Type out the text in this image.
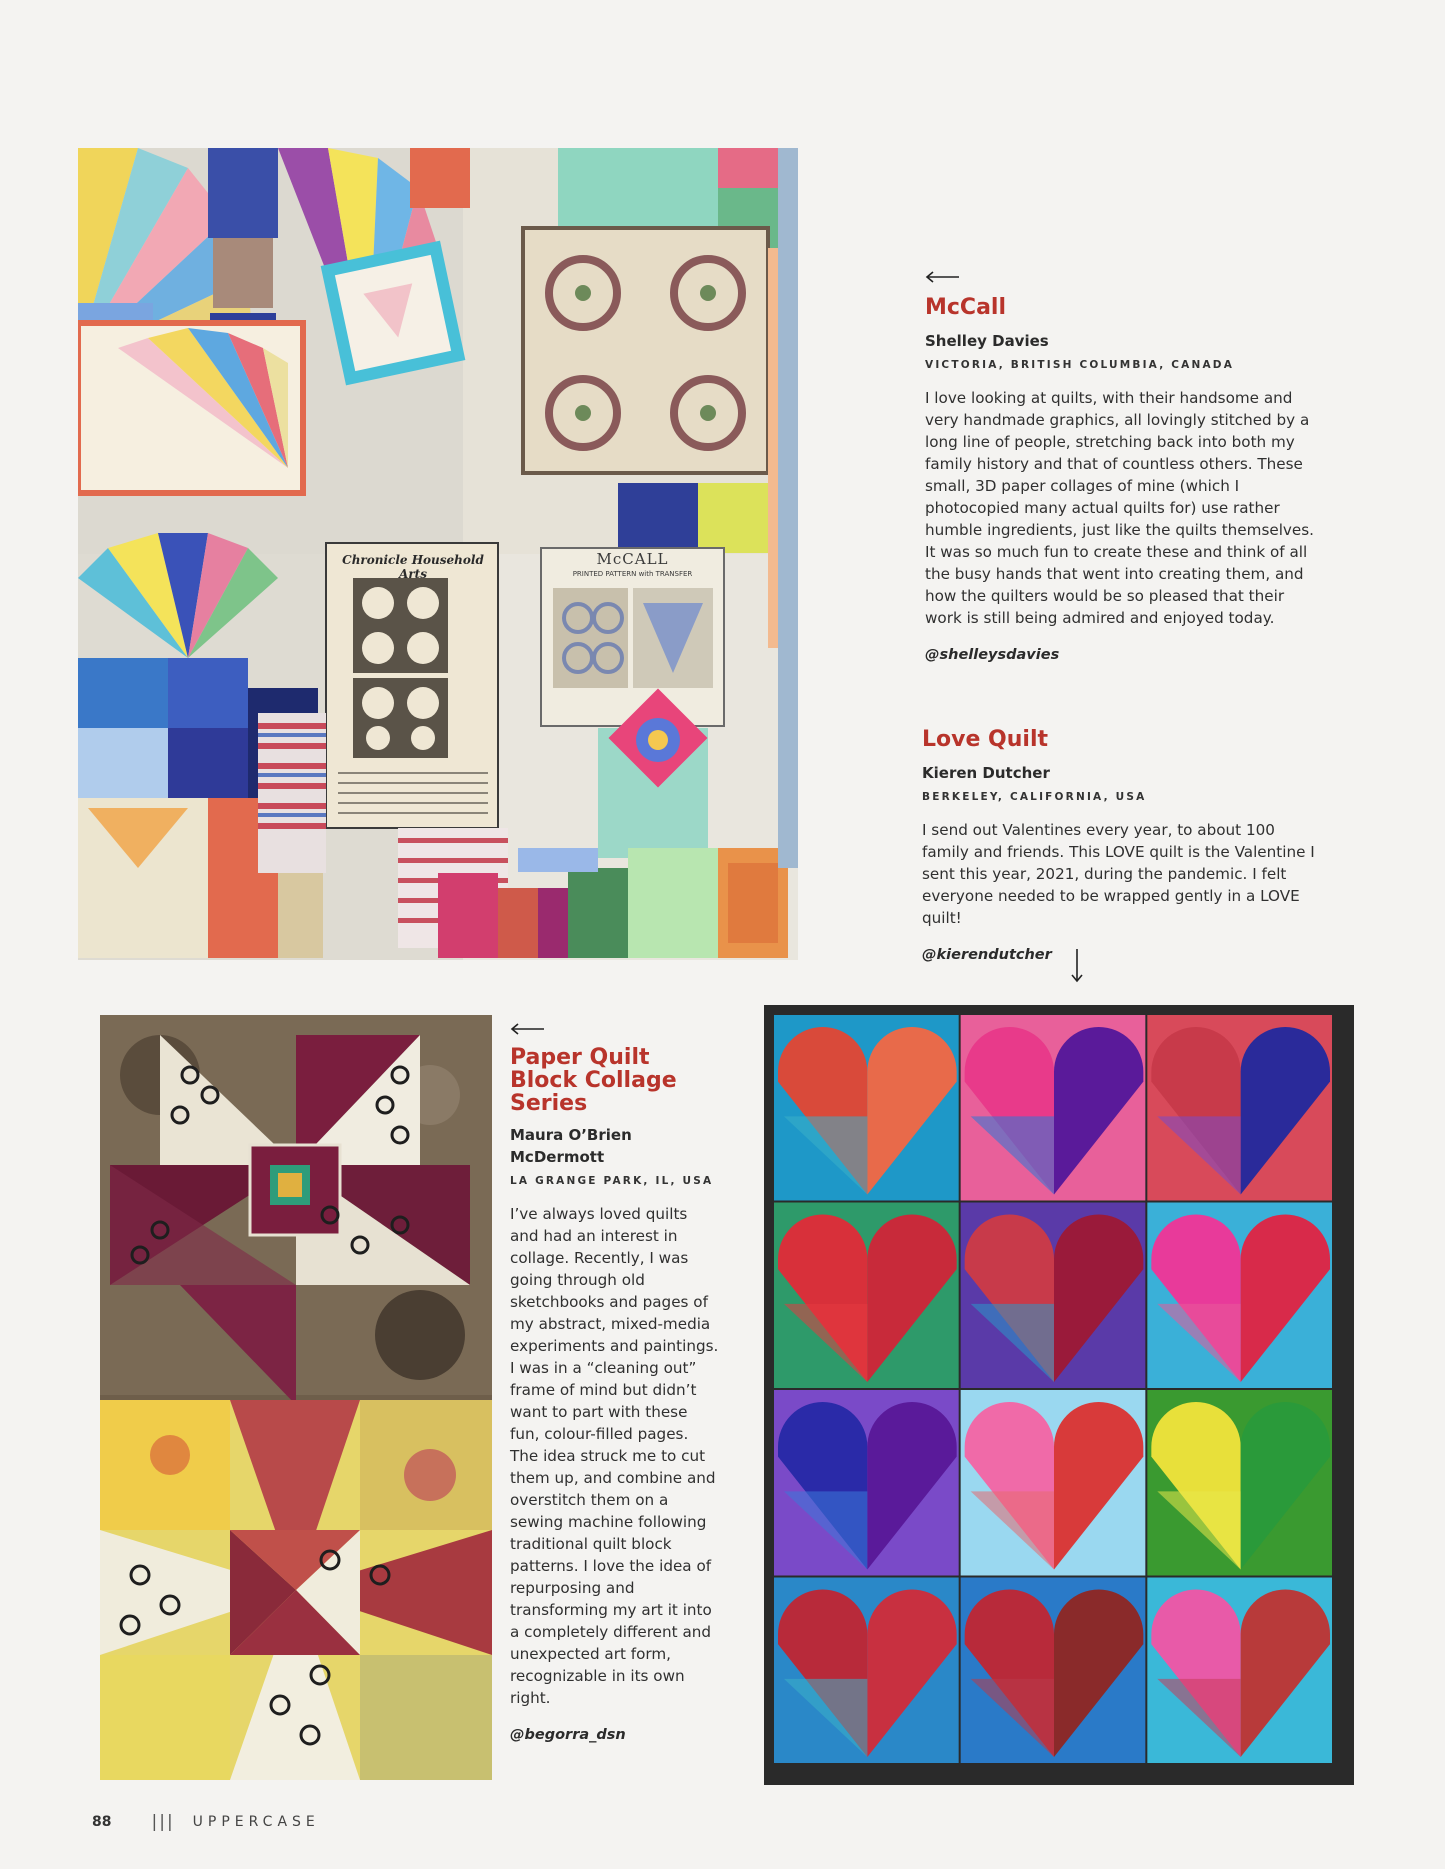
Chronicle Household Arts
McCALL
PRINTED PATTERN with TRANSFER
McCall
Shelley Davies
VICTORIA, BRITISH COLUMBIA, CANADA

I love looking at quilts, with their handsome and very handmade graphics, all lovingly stitched by a long line of people, stretching back into both my family history and that of countless others. These small, 3D paper collages of mine (which I photocopied many actual quilts for) use rather humble ingredients, just like the quilts themselves. It was so much fun to create these and think of all the busy hands that went into creating them, and how the quilters would be so pleased that their work is still being admired and enjoyed today.

@shelleysdavies
Love Quilt
Kieren Dutcher
BERKELEY, CALIFORNIA, USA

I send out Valentines every year, to about 100 family and friends. This LOVE quilt is the Valentine I sent this year, 2021, during the pandemic. I felt everyone needed to be wrapped gently in a LOVE quilt!

@kierendutcher
Paper Quilt Block Collage Series
Maura O’Brien McDermott
LA GRANGE PARK, IL, USA

I’ve always loved quilts and had an interest in collage. Recently, I was going through old sketchbooks and pages of my abstract, mixed-media experiments and paintings. I was in a “cleaning out” frame of mind but didn’t want to part with these fun, colour-filled pages. The idea struck me to cut them up, and combine and overstitch them on a sewing machine following traditional quilt block patterns. I love the idea of repurposing and transforming my art it into a completely different and unexpected art form, recognizable in its own right.

@begorra_dsn
88 ||| UPPERCASE
